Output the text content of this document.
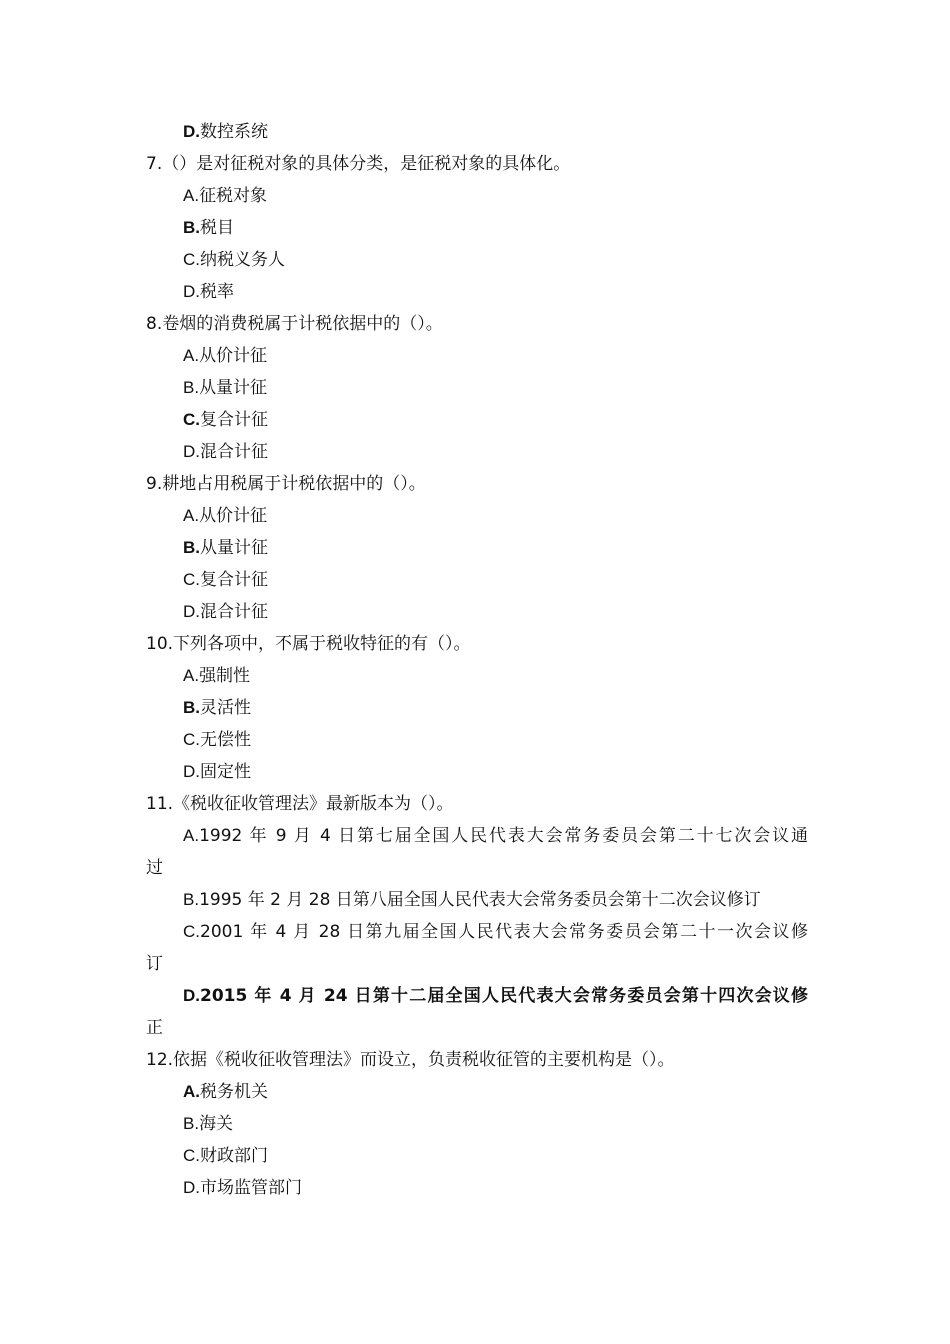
D.数控系统
7.（）是对征税对象的具体分类，是征税对象的具体化。
A.征税对象
B.税目
C.纳税义务人
D.税率
8.卷烟的消费税属于计税依据中的（）。
A.从价计征
B.从量计征
C.复合计征
D.混合计征
9.耕地占用税属于计税依据中的（）。
A.从价计征
B.从量计征
C.复合计征
D.混合计征
10.下列各项中，不属于税收特征的有（）。
A.强制性
B.灵活性
C.无偿性
D.固定性
11.《税收征收管理法》最新版本为（）。
A.1992 年 9 月 4 日第七届全国人民代表大会常务委员会第二十七次会议通
过
B.1995 年 2 月 28 日第八届全国人民代表大会常务委员会第十二次会议修订
C.2001 年 4 月 28 日第九届全国人民代表大会常务委员会第二十一次会议修
订
D.2015 年 4 月 24 日第十二届全国人民代表大会常务委员会第十四次会议修
正
12.依据《税收征收管理法》而设立，负责税收征管的主要机构是（）。
A.税务机关
B.海关
C.财政部门
D.市场监管部门
